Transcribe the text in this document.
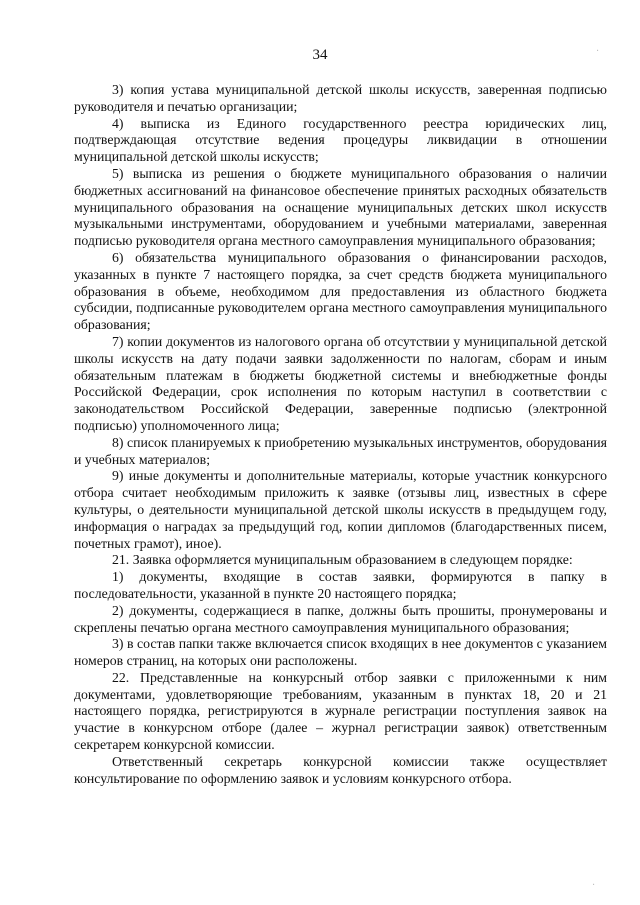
34

3) копия устава муниципальной детской школы искусств, заверенная подписью руководителя и печатью организации;

4) выписка из Единого государственного реестра юридических лиц, подтверждающая отсутствие ведения процедуры ликвидации в отношении муниципальной детской школы искусств;

5) выписка из решения о бюджете муниципального образования о наличии бюджетных ассигнований на финансовое обеспечение принятых расходных обязательств муниципального образования на оснащение муниципальных детских школ искусств музыкальными инструментами, оборудованием и учебными материалами, заверенная подписью руководителя органа местного самоуправления муниципального образования;

6) обязательства муниципального образования о финансировании расходов, указанных в пункте 7 настоящего порядка, за счет средств бюджета муниципального образования в объеме, необходимом для предоставления из областного бюджета субсидии, подписанные руководителем органа местного самоуправления муниципального образования;

7) копии документов из налогового органа об отсутствии у муниципальной детской школы искусств на дату подачи заявки задолженности по налогам, сборам и иным обязательным платежам в бюджеты бюджетной системы и внебюджетные фонды Российской Федерации, срок исполнения по которым наступил в соответствии с законодательством Российской Федерации, заверенные подписью (электронной подписью) уполномоченного лица;

8) список планируемых к приобретению музыкальных инструментов, оборудования и учебных материалов;

9) иные документы и дополнительные материалы, которые участник конкурсного отбора считает необходимым приложить к заявке (отзывы лиц, известных в сфере культуры, о деятельности муниципальной детской школы искусств в предыдущем году, информация о наградах за предыдущий год, копии дипломов (благодарственных писем, почетных грамот), иное).

21. Заявка оформляется муниципальным образованием в следующем порядке:

1) документы, входящие в состав заявки, формируются в папку в последовательности, указанной в пункте 20 настоящего порядка;

2) документы, содержащиеся в папке, должны быть прошиты, пронумерованы и скреплены печатью органа местного самоуправления муниципального образования;

3) в состав папки также включается список входящих в нее документов с указанием номеров страниц, на которых они расположены.

22. Представленные на конкурсный отбор заявки с приложенными к ним документами, удовлетворяющие требованиям, указанным в пунктах 18, 20 и 21 настоящего порядка, регистрируются в журнале регистрации поступления заявок на участие в конкурсном отборе (далее – журнал регистрации заявок) ответственным секретарем конкурсной комиссии.

Ответственный секретарь конкурсной комиссии также осуществляет консультирование по оформлению заявок и условиям конкурсного отбора.

·
·
